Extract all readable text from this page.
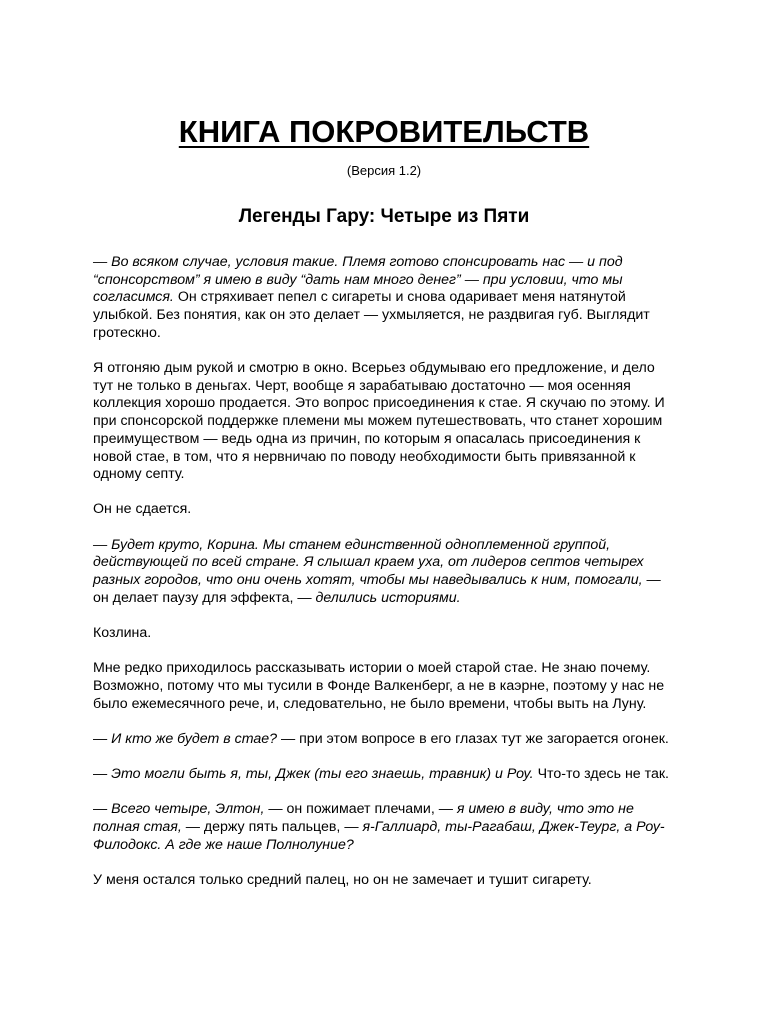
КНИГА ПОКРОВИТЕЛЬСТВ
(Версия 1.2)
Легенды Гару: Четыре из Пяти

— Во всяком случае, условия такие. Племя готово спонсировать нас — и под “спонсорством” я имею в виду “дать нам много денег” — при условии, что мы согласимся. Он стряхивает пепел с сигареты и снова одаривает меня натянутой улыбкой. Без понятия, как он это делает — ухмыляется, не раздвигая губ. Выглядит гротескно.

Я отгоняю дым рукой и смотрю в окно. Всерьез обдумываю его предложение, и дело тут не только в деньгах. Черт, вообще я зарабатываю достаточно — моя осенняя коллекция хорошо продается. Это вопрос присоединения к стае. Я скучаю по этому. И при спонсорской поддержке племени мы можем путешествовать, что станет хорошим преимуществом — ведь одна из причин, по которым я опасалась присоединения к новой стае, в том, что я нервничаю по поводу необходимости быть привязанной к одному септу.

Он не сдается.

— Будет круто, Корина. Мы станем единственной одноплеменной группой, действующей по всей стране. Я слышал краем уха, от лидеров септов четырех разных городов, что они очень хотят, чтобы мы наведывались к ним, помогали, — он делает паузу для эффекта, — делились историями.

Козлина.

Мне редко приходилось рассказывать истории о моей старой стае. Не знаю почему. Возможно, потому что мы тусили в Фонде Валкенберг, а не в каэрне, поэтому у нас не было ежемесячного рече, и, следовательно, не было времени, чтобы выть на Луну.

— И кто же будет в стае? — при этом вопросе в его глазах тут же загорается огонек.

— Это могли быть я, ты, Джек (ты его знаешь, травник) и Роу. Что-то здесь не так.

— Всего четыре, Элтон, — он пожимает плечами, — я имею в виду, что это не полная стая, — держу пять пальцев, — я-Галлиард, ты-Рагабаш, Джек-Теург, а Роу-Филодокс. А где же наше Полнолуние?

У меня остался только средний палец, но он не замечает и тушит сигарету.
